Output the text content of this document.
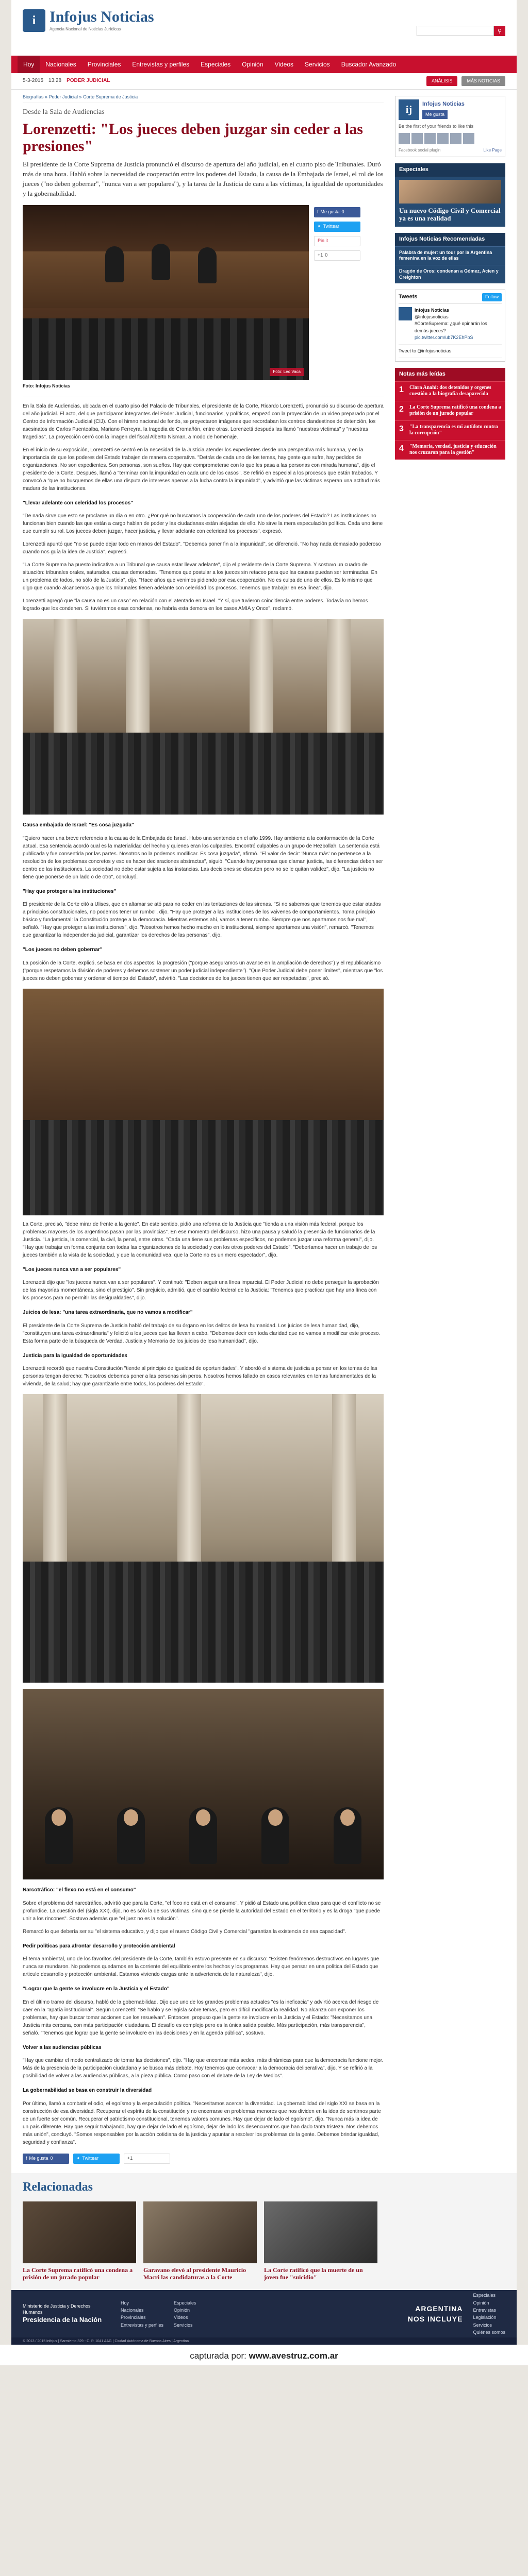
i Infojus Noticias
Agencia Nacional de Noticias Jurídicas	⚲
Hoy	Nacionales	Provinciales	Entrevistas y perfiles	Especiales	Opinión	Videos	Servicios	Buscador Avanzado
5-3-2015 13:28 PODER JUDICIAL	ANÁLISIS	MÁS NOTICIAS
Biografías » Poder Judicial » Corte Suprema de Justicia
Desde la Sala de Audiencias
Lorenzetti: "Los jueces deben juzgar sin ceder a las presiones"

El presidente de la Corte Suprema de Justicia pronunció el discurso de apertura del año judicial, en el cuarto piso de Tribunales. Duró más de una hora. Habló sobre la necesidad de cooperación entre los poderes del Estado, la causa de la Embajada de Israel, el rol de los jueces ("no deben gobernar", "nunca van a ser populares"), y la tarea de la Justicia de cara a las víctimas, la igualdad de oportunidades y la gobernabilidad.

Foto: Leo Vaca
f Me gusta 0
✦ Twittear
Pin it
+1 0
Foto: Infojus Noticias

En la Sala de Audiencias, ubicada en el cuarto piso del Palacio de Tribunales, el presidente de la Corte, Ricardo Lorenzetti, pronunció su discurso de apertura del año judicial. El acto, del que participaron integrantes del Poder Judicial, funcionarios, y políticos, empezó con la proyección de un video preparado por el Centro de Información Judicial (CIJ). Con el himno nacional de fondo, se proyectaron imágenes que recordaban los centros clandestinos de detención, los asesinatos de Carlos Fuentealba, Mariano Ferreyra, la tragedia de Cromañón, entre otras. Lorenzetti después las llamó "nuestras víctimas" y "nuestras tragedias". La proyección cerró con la imagen del fiscal Alberto Nisman, a modo de homenaje.

En el inicio de su exposición, Lorenzetti se centró en la necesidad de la Justicia atender los expedientes desde una perspectiva más humana, y en la importancia de que los poderes del Estado trabajen de manera cooperativa. "Detrás de cada uno de los temas, hay gente que sufre, hay pedidos de organizaciones. No son expedientes. Son personas, son sueños. Hay que comprometerse con lo que les pasa a las personas con mirada humana", dijo el presidente de la Corte. Después, llamó a "terminar con la impunidad en cada uno de los casos". Se refirió en especial a los procesos que están trabados. Y convocó a "que no busquemos de ellas una disputa de intereses apenas a la lucha contra la impunidad", y advirtió que las víctimas esperan una actitud más madura de las instituciones.

"Llevar adelante con celeridad los procesos"

"De nada sirve que esto se proclame un día o en otro. ¿Por qué no buscamos la cooperación de cada uno de los poderes del Estado? Las instituciones no funcionan bien cuando las que están a cargo hablan de poder y las ciudadanas están alejadas de ello. No sirve la mera especulación política. Cada uno tiene que cumplir su rol. Los jueces deben juzgar, hacer justicia, y llevar adelante con celeridad los procesos", expresó.

Lorenzetti apuntó que "no se puede dejar todo en manos del Estado". "Debemos poner fin a la impunidad", se diferenció. "No hay nada demasiado poderoso cuando nos guía la idea de Justicia", expresó.

"La Corte Suprema ha puesto indicativa a un Tribunal que causa estar llevar adelante", dijo el presidente de la Corte Suprema. Y sostuvo un cuadro de situación: tribunales orales, saturados, causas demoradas. "Tenemos que postular a los jueces sin retaceo para que las causas puedan ser terminadas. En un problema de todos, no sólo de la Justicia", dijo. "Hace años que venimos pidiendo por esa cooperación. No es culpa de uno de ellos. Es lo mismo que digo que cuando alcancemos a que los Tribunales tienen adelante con celeridad los procesos. Tenemos que trabajar en esa línea", dijo.

Lorenzetti agregó que "la causa no es un caso" en relación con el atentado en Israel. "Y sí, que tuvieron coincidencia entre poderes. Todavía no hemos logrado que los condenen. Si tuviéramos esas condenas, no habría esta demora en los casos AMIA y Once", reclamó.

Causa embajada de Israel: "Es cosa juzgada"

"Quiero hacer una breve referencia a la causa de la Embajada de Israel. Hubo una sentencia en el año 1999. Hay ambiente a la conformación de la Corte actual. Esa sentencia acordó cual es la materialidad del hecho y quienes eran los culpables. Encontró culpables a un grupo de Hezbollah. La sentencia está publicada y fue consentida por las partes. Nosotros no la podemos modificar. Es cosa juzgada", afirmó. "El valor de decir: 'Nunca más' no pertenece a la resolución de los problemas concretos y eso es hacer declaraciones abstractas", siguió. "Cuando hay personas que claman justicia, las diferencias deben ser dentro de las instituciones. La sociedad no debe estar sujeta a las instancias. Las decisiones se discuten pero no se le quitan validez", dijo. "La justicia no tiene que ponerse de un lado o de otro", concluyó.

"Hay que proteger a las instituciones"

El presidente de la Corte citó a Ulises, que en altamar se ató para no ceder en las tentaciones de las sirenas. "Si no sabemos que tenemos que estar atados a principios constitucionales, no podemos tener un rumbo", dijo. "Hay que proteger a las instituciones de los vaivenes de comportamientos. Toma principio básico y fundamental: la Constitución protege a la democracia. Mientras estemos ahí, vamos a tener rumbo. Siempre que nos apartamos nos fue mal", señaló. "Hay que proteger a las instituciones", dijo. "Nosotros hemos hecho mucho en lo institucional, siempre aportamos una visión", remarcó. "Tenemos que garantizar la independencia judicial, garantizar los derechos de las personas", dijo.

"Los jueces no deben gobernar"

La posición de la Corte, explicó, se basa en dos aspectos: la progresión ("porque aseguramos un avance en la ampliación de derechos") y el republicanismo ("porque respetamos la división de poderes y debemos sostener un poder judicial independiente"). "Que Poder Judicial debe poner límites", mientras que "los jueces no deben gobernar y ordenar el tiempo del Estado", advirtió. "Las decisiones de los jueces tienen que ser respetadas", precisó.

La Corte, precisó, "debe mirar de frente a la gente". En este sentido, pidió una reforma de la Justicia que "tienda a una visión más federal, porque los problemas mayores de los argentinos pasan por las provincias". En ese momento del discurso, hizo una pausa y saludó la presencia de funcionarios de la Justicia. "La justicia, la comercial, la civil, la penal, entre otras. "Cada una tiene sus problemas específicos, no podemos juzgar una reforma general", dijo. "Hay que trabajar en forma conjunta con todas las organizaciones de la sociedad y con los otros poderes del Estado". "Deberíamos hacer un trabajo de los jueces también a la vista de la sociedad, y que la comunidad vea, que la Corte no es un mero espectador", dijo.

"Los jueces nunca van a ser populares"

Lorenzetti dijo que "los jueces nunca van a ser populares". Y continuó: "Deben seguir una línea imparcial. El Poder Judicial no debe perseguir la aprobación de las mayorías momentáneas, sino el prestigio". Sin prejuicio, admitió, que el cambio federal de la Justicia: "Tenemos que practicar que hay una línea con los procesos para no permitir las desigualdades", dijo.

Juicios de lesa: "una tarea extraordinaria, que no vamos a modificar"

El presidente de la Corte Suprema de Justicia habló del trabajo de su órgano en los delitos de lesa humanidad. Los juicios de lesa humanidad, dijo, "constituyen una tarea extraordinaria" y felicitó a los jueces que las llevan a cabo. "Debemos decir con toda claridad que no vamos a modificar este proceso. Esta forma parte de la búsqueda de Verdad, Justicia y Memoria de los juicios de lesa humanidad", dijo.

Justicia para la igualdad de oportunidades

Lorenzetti recordó que nuestra Constitución "tiende al principio de igualdad de oportunidades". Y abordó el sistema de justicia a pensar en los temas de las personas tengan derecho: "Nosotros debemos poner a las personas sin peros. Nosotros hemos fallado en casos relevantes en temas fundamentales de la vivienda, de la salud; hay que garantizarle entre todos, los poderes del Estado".

Narcotráfico: "el flexo no está en el consumo"

Sobre el problema del narcotráfico, advirtió que para la Corte, "el foco no está en el consumo". Y pidió al Estado una política clara para que el conflicto no se profundice. La cuestión del (sigla XXI), dijo, no es sólo la de sus víctimas, sino que se pierde la autoridad del Estado en el territorio y es la droga "que puede unir a los rincones". Sostuvo además que "el juez no es la solución".

Remarcó lo que debería ser su "el sistema educativo, y dijo que el nuevo Código Civil y Comercial "garantiza la existencia de esa capacidad".

Pedir políticas para afrontar desarrollo y protección ambiental

El tema ambiental, uno de los favoritos del presidente de la Corte, también estuvo presente en su discurso: "Existen fenómenos destructivos en lugares que nunca se mundaron. No podemos quedarnos en la corriente del equilibrio entre los hechos y los programas. Hay que pensar en una política del Estado que articule desarrollo y protección ambiental. Estamos viviendo cargas ante la advertencia de la naturaleza", dijo.

"Lograr que la gente se involucre en la Justicia y el Estado"

En el último tramo del discurso, habló de la gobernabilidad. Dijo que uno de los grandes problemas actuales "es la ineficacia" y advirtió acerca del riesgo de caer en la "apatía institucional". Según Lorenzetti: "Se hablo y se legisla sobre temas, pero en difícil modificar la realidad. No alcanza con exponer los problemas, hay que buscar tomar acciones que los resuelvan". Entonces, propuso que la gente se involucre en la Justicia y el Estado: "Necesitamos una Justicia más cercana, con más participación ciudadana. El desafío es complejo pero es la única salida posible. Más participación, más transparencia", señaló. "Tenemos que lograr que la gente se involucre en las decisiones y en la agenda pública", sostuvo.

Volver a las audiencias públicas

"Hay que cambiar el modo centralizado de tomar las decisiones", dijo. "Hay que encontrar más sedes, más dinámicas para que la democracia funcione mejor. Más de la presencia de la participación ciudadana y se busca más debate. Hoy tenemos que convocar a la democracia deliberativa", dijo. Y se refirió a la posibilidad de volver a las audiencias públicas, a la pieza pública. Como paso con el debate de la Ley de Medios".

La gobernabilidad se basa en construir la diversidad

Por último, llamó a combatir el odio, el egoísmo y la especulación política. "Necesitamos acercar la diversidad. La gobernabilidad del siglo XXI se basa en la construcción de esa diversidad. Recuperar el espíritu de la constitución y no encerrarse en problemas menores que nos dividen en la idea de sentirnos parte de un fuerte ser común. Recuperar el patriotismo constitucional, tenemos valores comunes. Hay que dejar de lado el egoísmo", dijo. "Nunca más la idea de un país diferente. Hay que seguir trabajando, hay que dejar de lado el egoísmo, dejar de lado los desencuentros que han dado tanta tristeza. Nos debemos más unión", concluyó. "Somos responsables por la acción cotidiana de la justicia y apuntar a resolver los problemas de la gente. Debemos brindar igualdad, seguridad y confianza".

f Me gusta 0	✦ Twittear	+1
ij	Infojus Noticias
Me gusta
Be the first of your friends to like this
Facebook social plugin	Like Page
Especiales
Un nuevo Código Civil y Comercial ya es una realidad
Infojus Noticias Recomendadas
Palabra de mujer: un tour por la Argentina femenina en la voz de ellas
Dragón de Oros: condenan a Gómez, Acien y Creighton
Tweets	Follow
Infojus Noticias
@infojusnoticias
#CorteSuprema: ¿qué opinarán los demás jueces?
pic.twitter.com/ub7K2EhPbS
Tweet to @infojusnoticias
Notas más leídas
1	Clara Anahí: dos detenidos y orgenes cuestión a la biografia desaparecida
2	La Corte Suprema ratificó una condena a prisión de un jurado popular
3	"La transparencia es mi antídoto contra la corrupción"
4	"Memoria, verdad, justicia y educación nos cruzaron para la gestión"
Relacionadas
La Corte Suprema ratificó una condena a prisión de un jurado popular
Garavano elevó al presidente Mauricio Macri las candidaturas a la Corte
La Corte ratificó que la muerte de un joven fue "suicidio"
Ministerio de Justicia y Derechos Humanos
Presidencia de la Nación
Hoy
Nacionales
Provinciales
Entrevistas y perfiles
Especiales
Opinión
Videos
Servicios
ARGENTINA
NOS INCLUYE
Especiales
Opinión
Entrevistas
Legislación
Servicios
Quiénes somos
© 2013 / 2015 Infojus | Sarmiento 329 - C. P. 1041 AAG | Ciudad Autónoma de Buenos Aires | Argentina
capturada por: www.avestruz.com.ar
